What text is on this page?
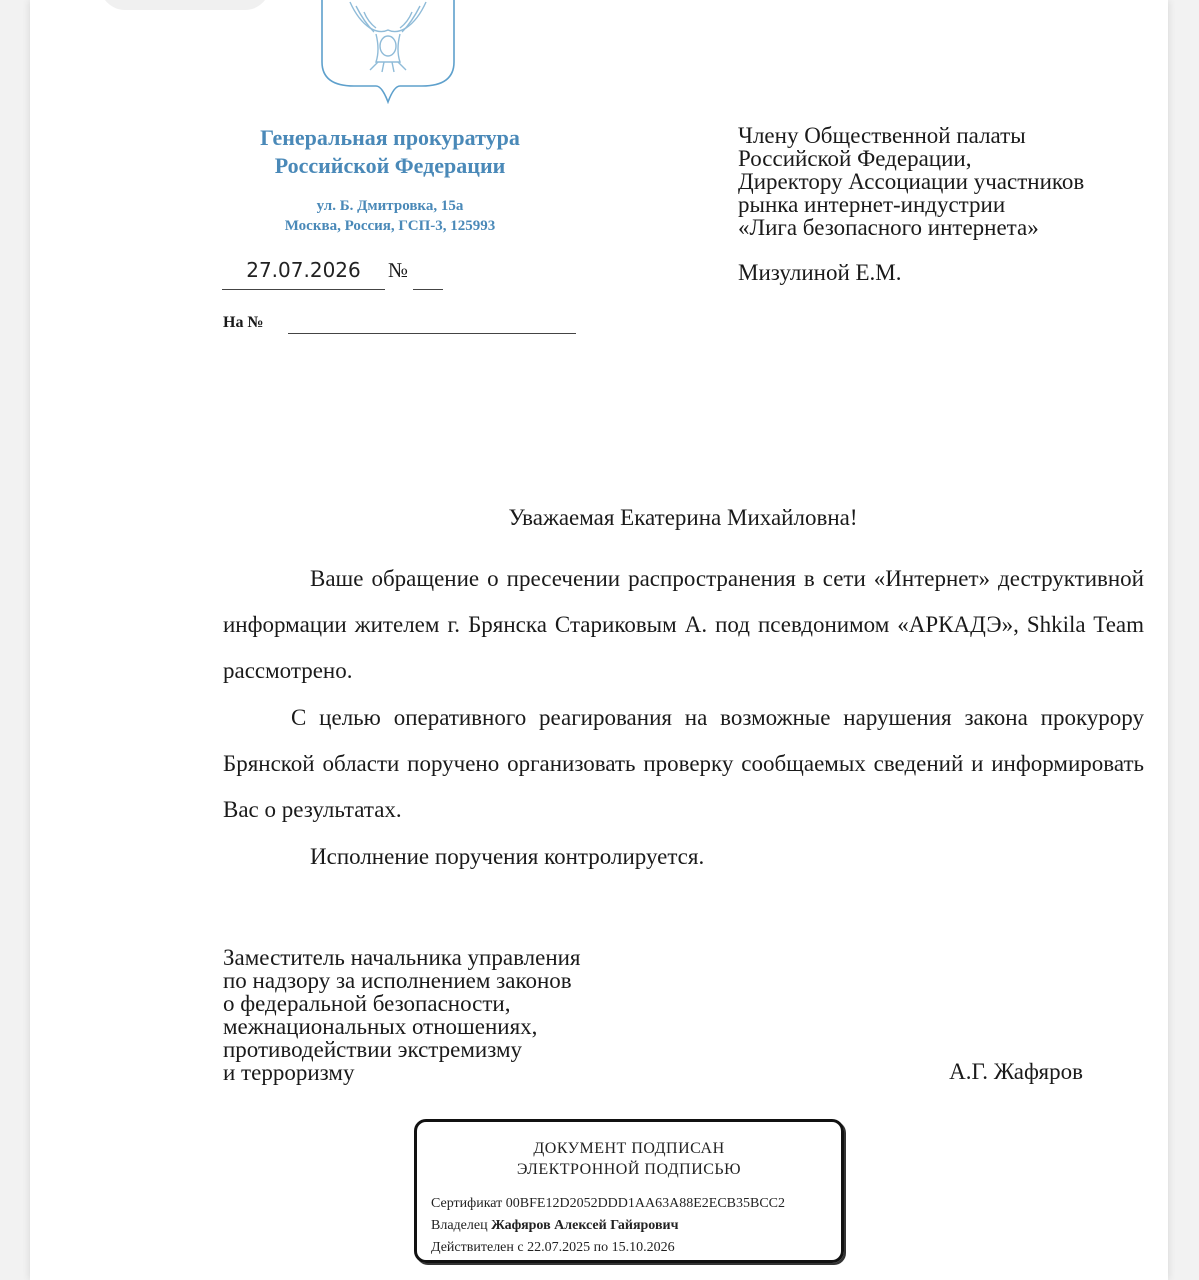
Генеральная прокуратура
Российской Федерации
ул. Б. Дмитровка, 15а
Москва, Россия, ГСП-3, 125993
Члену Общественной палаты
Российской Федерации,
Директору Ассоциации участников
рынка интернет-индустрии
«Лига безопасного интернета»
Мизулиной Е.М.
27.07.2026	№
На №
Уважаемая Екатерина Михайловна!
Ваше обращение о пресечении распространения в сети «Интернет» деструктивной информации жителем г. Брянска Стариковым А. под псевдонимом «АРКАДЭ», Shkila Team рассмотрено.
С целью оперативного реагирования на возможные нарушения закона прокурору Брянской области поручено организовать проверку сообщаемых сведений и информировать Вас о результатах.
Исполнение поручения контролируется.
Заместитель начальника управления
по надзору за исполнением законов
о федеральной безопасности,
межнациональных отношениях,
противодействии экстремизму
и терроризму	А.Г. Жафяров
ДОКУМЕНТ ПОДПИСАН
ЭЛЕКТРОННОЙ ПОДПИСЬЮ
Сертификат 00BFE12D2052DDD1AA63A88E2ECB35BCC2
Владелец Жафяров Алексей Гайярович
Действителен с 22.07.2025 по 15.10.2026
